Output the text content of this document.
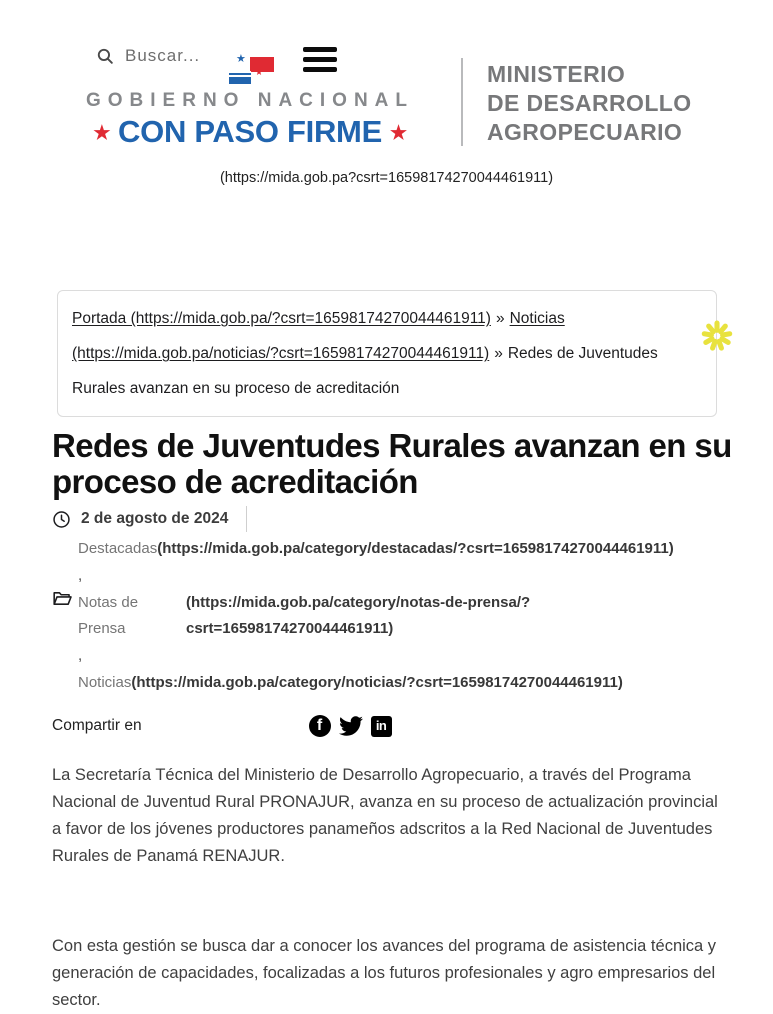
Buscar...	★
★
GOBIERNO NACIONAL
★ CON PASO FIRME ★
MINISTERIO
DE DESARROLLO
AGROPECUARIO
(https://mida.gob.pa?csrt=16598174270044461911)
Portada (https://mida.gob.pa/?csrt=16598174270044461911) » Noticias (https://mida.gob.pa/noticias/?csrt=16598174270044461911) » Redes de Juventudes Rurales avanzan en su proceso de acreditación
Redes de Juventudes Rurales avanzan en su proceso de acreditación
2 de agosto de 2024
Destacadas(https://mida.gob.pa/category/destacadas/?csrt=16598174270044461911)
,
Notas de Prensa
(https://mida.gob.pa/category/notas-de-prensa/?csrt=16598174270044461911)
,
Noticias(https://mida.gob.pa/category/noticias/?csrt=16598174270044461911)
Compartir en	f	in

La Secretaría Técnica del Ministerio de Desarrollo Agropecuario, a través del Programa Nacional de Juventud Rural PRONAJUR, avanza en su proceso de actualización provincial a favor de los jóvenes productores panameños adscritos a la Red Nacional de Juventudes Rurales de Panamá RENAJUR.

Con esta gestión se busca dar a conocer los avances del programa de asistencia técnica y generación de capacidades, focalizadas a los futuros profesionales y agro empresarios del sector.
